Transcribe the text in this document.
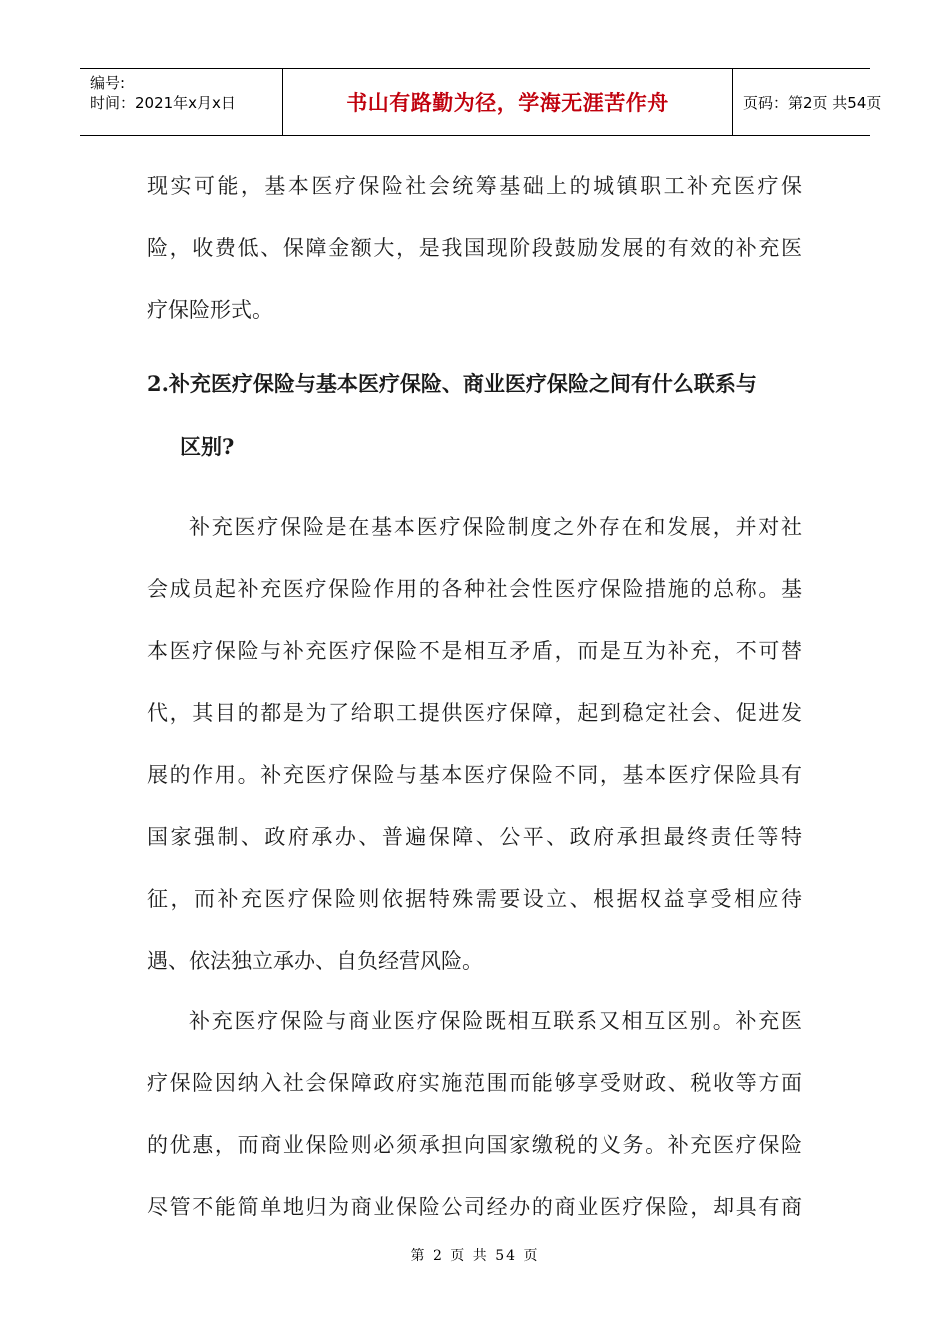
编号:
时间：2021年x月x日	书山有路勤为径，学海无涯苦作舟	页码：第2页 共54页
现实可能，基本医疗保险社会统筹基础上的城镇职工补充医疗保
险，收费低、保障金额大，是我国现阶段鼓励发展的有效的补充医
疗保险形式。
2.补充医疗保险与基本医疗保险、商业医疗保险之间有什么联系与
区别?
补充医疗保险是在基本医疗保险制度之外存在和发展，并对社
会成员起补充医疗保险作用的各种社会性医疗保险措施的总称。基
本医疗保险与补充医疗保险不是相互矛盾，而是互为补充，不可替
代，其目的都是为了给职工提供医疗保障，起到稳定社会、促进发
展的作用。补充医疗保险与基本医疗保险不同，基本医疗保险具有
国家强制、政府承办、普遍保障、公平、政府承担最终责任等特
征，而补充医疗保险则依据特殊需要设立、根据权益享受相应待
遇、依法独立承办、自负经营风险。
补充医疗保险与商业医疗保险既相互联系又相互区别。补充医
疗保险因纳入社会保障政府实施范围而能够享受财政、税收等方面
的优惠，而商业保险则必须承担向国家缴税的义务。补充医疗保险
尽管不能简单地归为商业保险公司经办的商业医疗保险，却具有商
第 2 页 共 54 页
